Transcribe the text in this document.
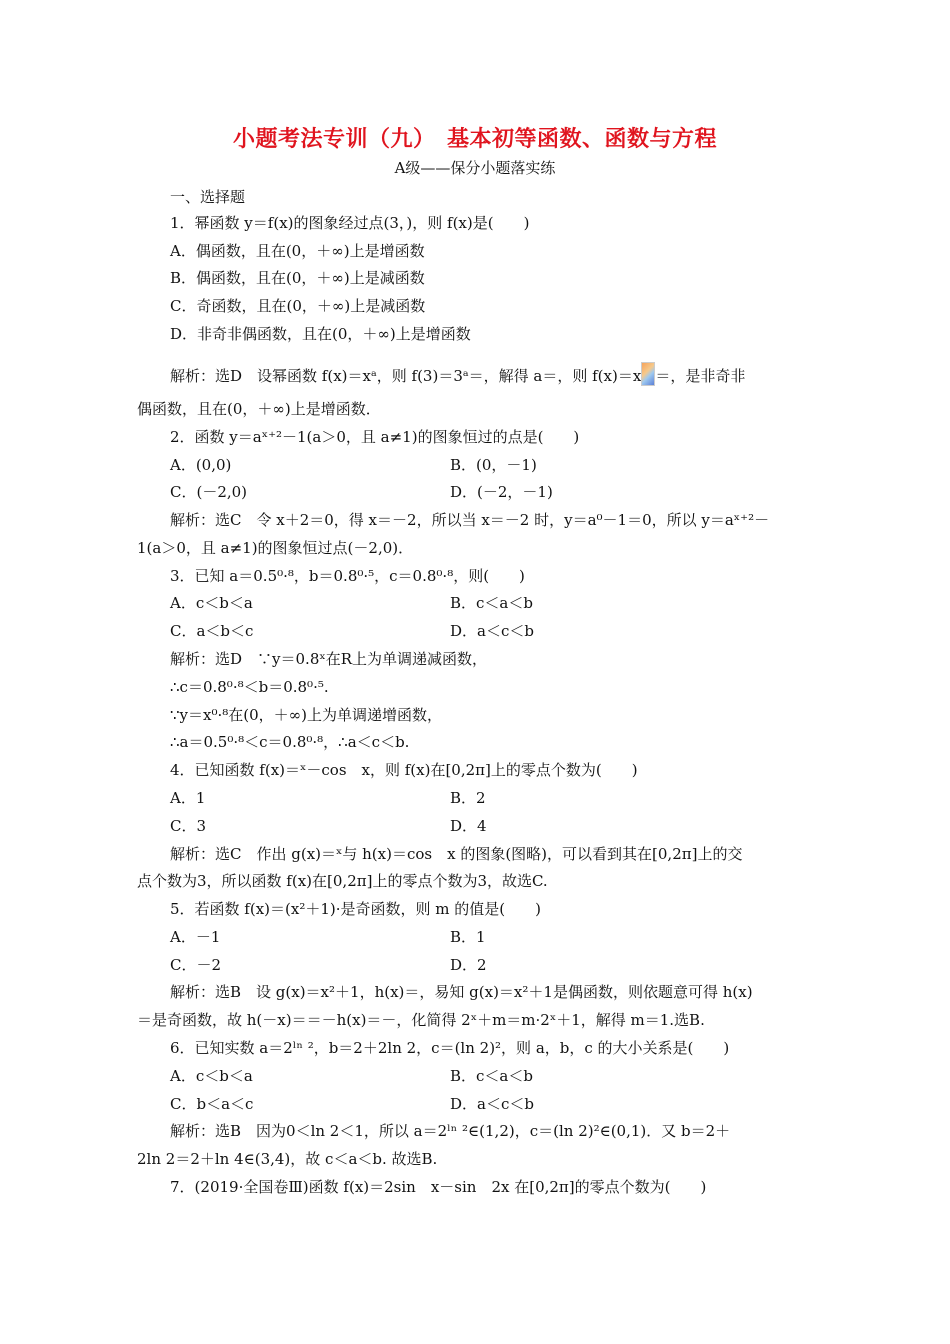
小题考法专训（九）　基本初等函数、函数与方程
A级——保分小题落实练
一、选择题
1．幂函数 y＝f(x)的图象经过点(3，)，则 f(x)是(　　)
A．偶函数，且在(0，＋∞)上是增函数
B．偶函数，且在(0，＋∞)上是减函数
C．奇函数，且在(0，＋∞)上是减函数
D．非奇非偶函数，且在(0，＋∞)上是增函数
解析：选D　设幂函数 f(x)＝xᵃ，则 f(3)＝3ᵃ＝，解得 a＝，则 f(x)＝x ＝，是非奇非
偶函数，且在(0，＋∞)上是增函数．
2．函数 y＝aˣ⁺²－1(a＞0，且 a≠1)的图象恒过的点是(　　)
A．(0,0)	B．(0，－1)
C．(－2,0)	D．(－2，－1)
解析：选C　令 x＋2＝0，得 x＝－2，所以当 x＝－2 时，y＝a⁰－1＝0，所以 y＝aˣ⁺²－
1(a＞0，且 a≠1)的图象恒过点(－2,0)．
3．已知 a＝0.5⁰·⁸，b＝0.8⁰·⁵，c＝0.8⁰·⁸，则(　　)
A．c＜b＜a	B．c＜a＜b
C．a＜b＜c	D．a＜c＜b
解析：选D　∵y＝0.8ˣ在R上为单调递减函数，
∴c＝0.8⁰·⁸＜b＝0.8⁰·⁵.
∵y＝x⁰·⁸在(0，＋∞)上为单调递增函数，
∴a＝0.5⁰·⁸＜c＝0.8⁰·⁸，∴a＜c＜b.
4．已知函数 f(x)＝ˣ－cos　x，则 f(x)在[0,2π]上的零点个数为(　　)
A．1	B．2
C．3	D．4
解析：选C　作出 g(x)＝ˣ与 h(x)＝cos　x 的图象(图略)，可以看到其在[0,2π]上的交
点个数为3，所以函数 f(x)在[0,2π]上的零点个数为3，故选C.
5．若函数 f(x)＝(x²＋1)·是奇函数，则 m 的值是(　　)
A．－1	B．1
C．－2	D．2
解析：选B　设 g(x)＝x²＋1，h(x)＝，易知 g(x)＝x²＋1是偶函数，则依题意可得 h(x)
＝是奇函数，故 h(－x)＝＝－h(x)＝－，化简得 2ˣ＋m＝m·2ˣ＋1，解得 m＝1.选B.
6．已知实数 a＝2ˡⁿ ²，b＝2＋2ln 2，c＝(ln 2)²，则 a，b，c 的大小关系是(　　)
A．c＜b＜a	B．c＜a＜b
C．b＜a＜c	D．a＜c＜b
解析：选B　因为0＜ln 2＜1，所以 a＝2ˡⁿ ²∈(1,2)，c＝(ln 2)²∈(0,1)．又 b＝2＋
2ln 2＝2＋ln 4∈(3,4)，故 c＜a＜b. 故选B.
7．(2019·全国卷Ⅲ)函数 f(x)＝2sin　x－sin　2x 在[0,2π]的零点个数为(　　)
